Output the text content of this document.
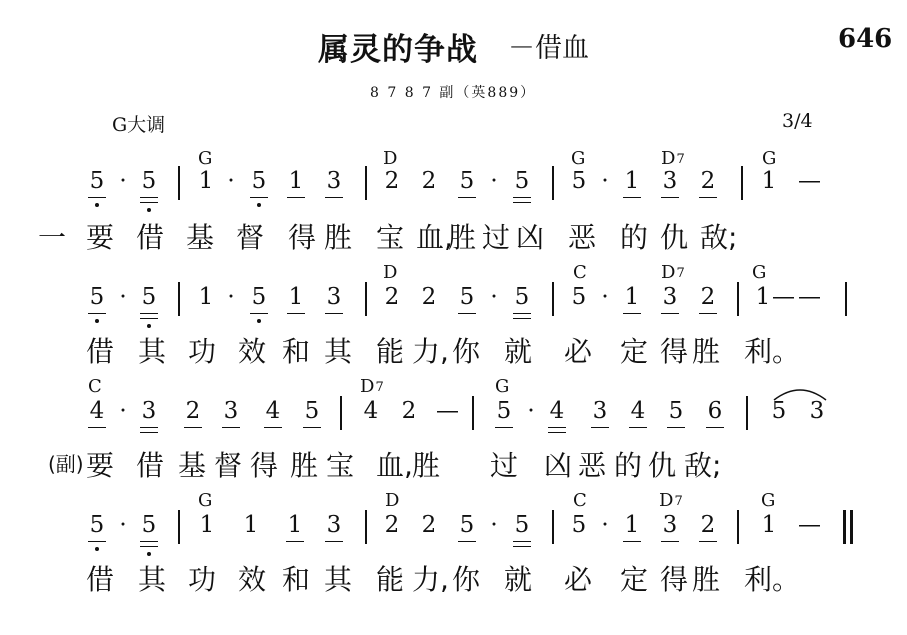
属灵的争战 －借血	646
8 7 8 7 副（英889）
G大调	3/4
G	D	G	$D_7$	G
5 · 5 1 · 5 1 3 2 2 5 · 5 5 · 1 3 2 1 —
一 要 借 基 督 得 胜 宝 血,
胜 过 凶 恶 的 仇 敌;
D	C	$D_7$	G
5 · 5 1 · 5 1 3 2 2 5 · 5 5 · 1 3 2 1 — —
借 其 功 效 和 其 能 力, 你 就 必 定 得 胜 利。
C	$D_7$	G
4 · 3 2 3 4 5 4 2 — 5 · 4 3 4 5 6 5 3
(副) 要 借 基 督 得 胜 宝 血, 胜 过 凶 恶 的 仇 敌;
G	D	C	$D_7$	G
5 · 5 1 1 1 3 2 2 5 · 5 5 · 1 3 2 1 —
借 其 功 效 和 其 能 力, 你 就 必 定 得 胜 利。
